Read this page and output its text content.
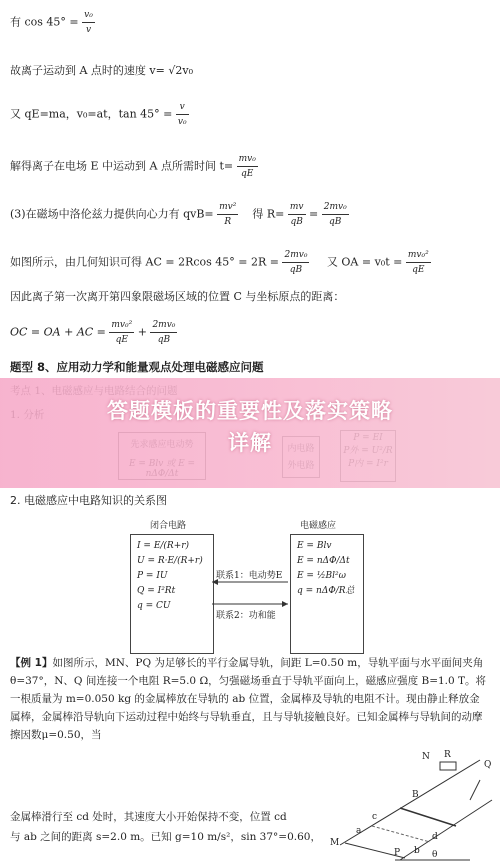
有 $\cos 45^\circ = \frac{\text{v₀}}{v}$
故离子运动到 A 点时的速度 v= √2v₀
又 qE=ma，v₀=at，$\tan 45^\circ = \frac{v}{\text{v₀}}$
解得离子在电场 E 中运动到 A 点所需时间 $t= \frac{\text{mv₀}}{qE}$
(3)在磁场中洛伦兹力提供向心力有 $qvB= \frac{\text{mv²}}{R}$ 得 $R= \frac{mv}{qB} = \frac{\text{2mv₀}}{qB}$
如图所示，由几何知识可得 AC = 2Rcos $45^\circ = 2R = \frac{\text{2mv₀}}{qB}$ 又 OA = $v_0t = \frac{\text{mv₀²}}{qE}$
因此离子第一次离开第四象限磁场区域的位置 C 与坐标原点的距离：
OC = OA + AC = $\frac{\text{mv₀²}}{qE} + \frac{\text{2mv₀}}{qB}$
题型 8、应用动力学和能量观点处理电磁感应问题
答题模板的重要性及落实策略
详解
2. 电磁感应中电路知识的关系图
闭合电路	电磁感应
I = E/(R+r)
U = R·E/(R+r)
P = IU
Q = I²Rt
q = CU
E = Blv
E = nΔΦ/Δt
E = ½Bl²ω
q = nΔΦ/R总
联系1：电动势E
联系2：功和能
【例 1】如图所示，MN、PQ 为足够长的平行金属导轨，间距 L=0.50 m，导轨平面与水平面间夹角θ=37°，N、Q 间连接一个电阻 R=5.0 Ω，匀强磁场垂直于导轨平面向上，磁感应强度 B=1.0 T。将一根质量为 m=0.050 kg 的金属棒放在导轨的 ab 位置，金属棒及导轨的电阻不计。现由静止释放金属棒，金属棒沿导轨向下运动过程中始终与导轨垂直，且与导轨接触良好。已知金属棒与导轨间的动摩擦因数μ=0.50，当
金属棒滑行至 cd 处时，其速度大小开始保持不变，位置 cd
与 ab 之间的距离 s=2.0 m。已知 g=10 m/s²，sin 37°=0.60，
N R
Q
B
M
P
c
a
d
b θ
